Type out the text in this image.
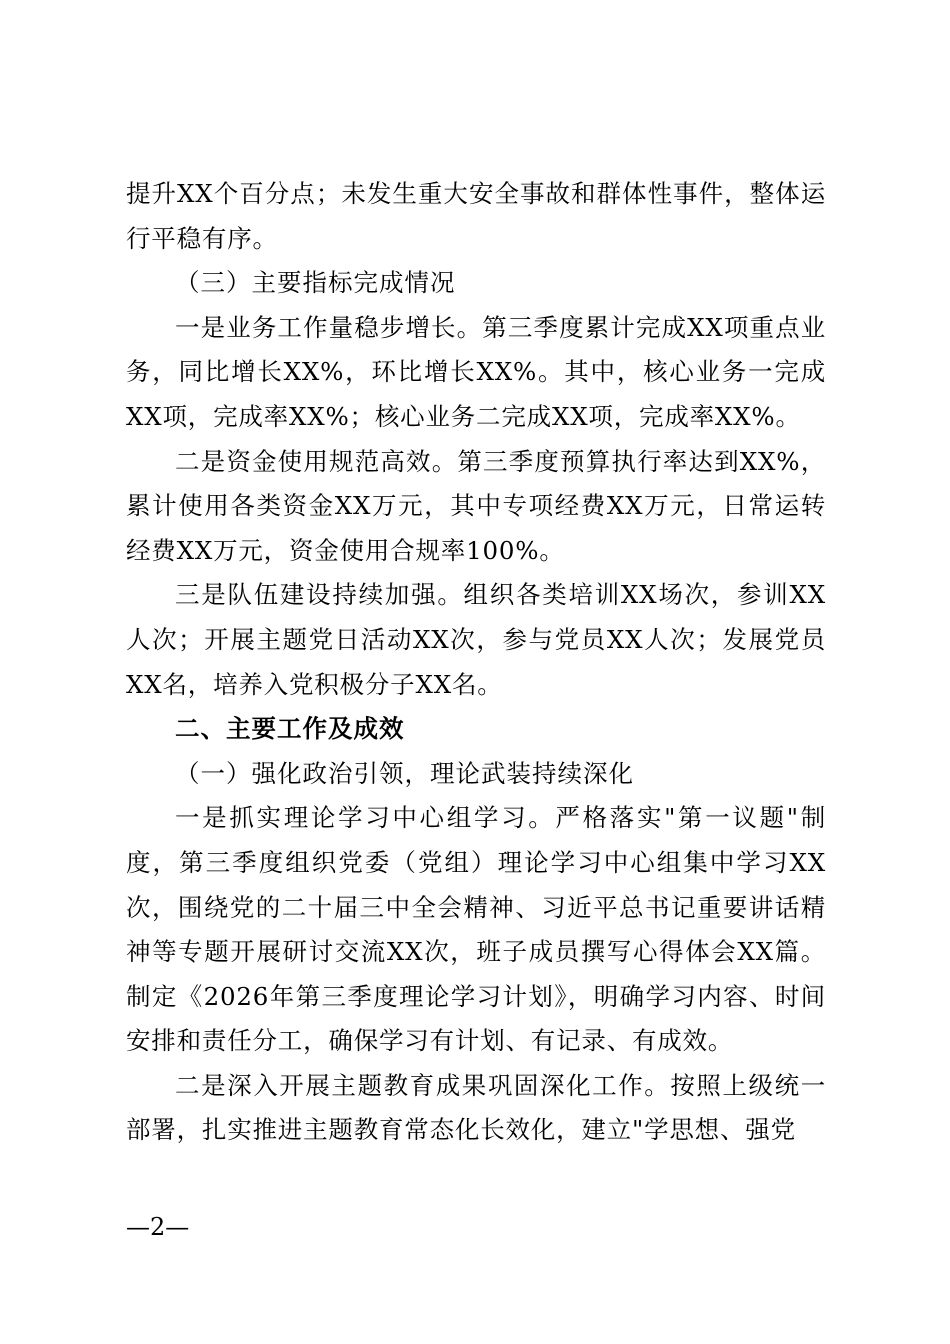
提升XX个百分点；未发生重大安全事故和群体性事件，整体运行平稳有序。

（三）主要指标完成情况

一是业务工作量稳步增长。第三季度累计完成XX项重点业务，同比增长XX%，环比增长XX%。其中，核心业务一完成XX项，完成率XX%；核心业务二完成XX项，完成率XX%。

二是资金使用规范高效。第三季度预算执行率达到XX%，累计使用各类资金XX万元，其中专项经费XX万元，日常运转经费XX万元，资金使用合规率100%。

三是队伍建设持续加强。组织各类培训XX场次，参训XX人次；开展主题党日活动XX次，参与党员XX人次；发展党员XX名，培养入党积极分子XX名。

二、主要工作及成效

（一）强化政治引领，理论武装持续深化

一是抓实理论学习中心组学习。严格落实"第一议题"制度，第三季度组织党委（党组）理论学习中心组集中学习XX次，围绕党的二十届三中全会精神、习近平总书记重要讲话精神等专题开展研讨交流XX次，班子成员撰写心得体会XX篇。制定《2026年第三季度理论学习计划》，明确学习内容、时间安排和责任分工，确保学习有计划、有记录、有成效。

二是深入开展主题教育成果巩固深化工作。按照上级统一部署，扎实推进主题教育常态化长效化，建立"学思想、强党

—2—
